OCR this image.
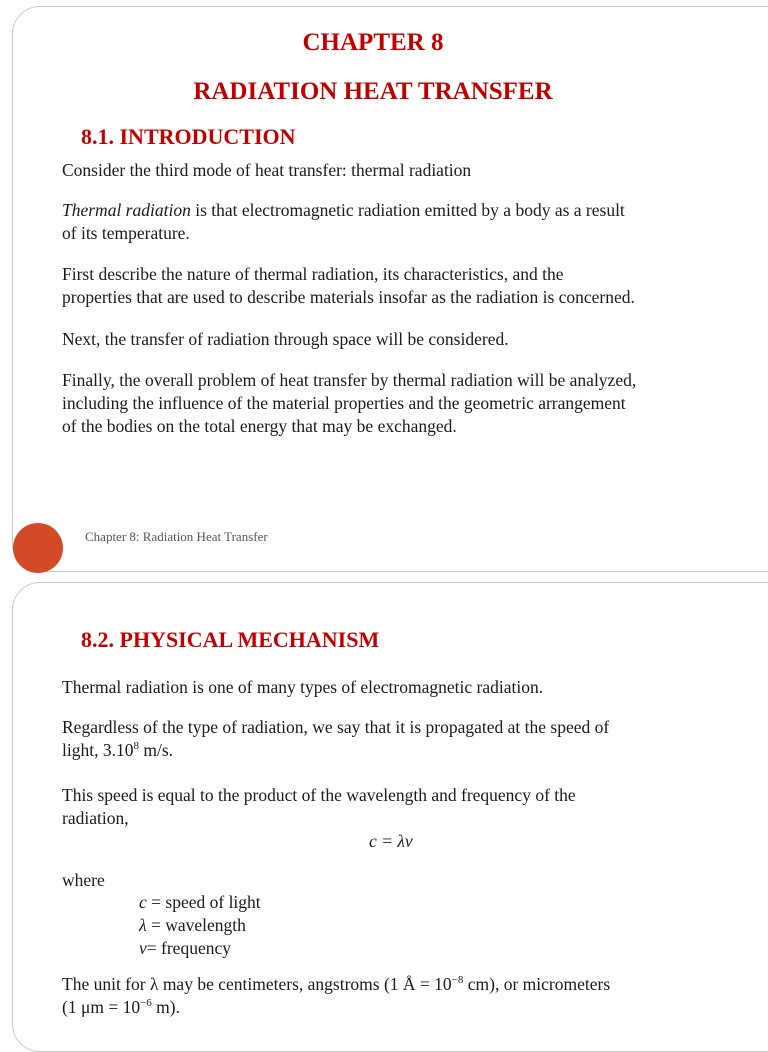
CHAPTER 8
RADIATION HEAT TRANSFER
8.1. INTRODUCTION

Consider the third mode of heat transfer: thermal radiation

Thermal radiation is that electromagnetic radiation emitted by a body as a result
of its temperature.

First describe the nature of thermal radiation, its characteristics, and the
properties that are used to describe materials insofar as the radiation is concerned.

Next, the transfer of radiation through space will be considered.

Finally, the overall problem of heat transfer by thermal radiation will be analyzed,
including the influence of the material properties and the geometric arrangement
of the bodies on the total energy that may be exchanged.

Chapter 8: Radiation Heat Transfer
8.2. PHYSICAL MECHANISM

Thermal radiation is one of many types of electromagnetic radiation.

Regardless of the type of radiation, we say that it is propagated at the speed of
light, 3.10$^8$ m/s.

This speed is equal to the product of the wavelength and frequency of the
radiation,

c = λν

where

c = speed of light
λ = wavelength
ν= frequency

The unit for λ may be centimeters, angstroms (1 Å = $10^{-8}$ cm), or micrometers
(1 $\mu m = 10^{-6}$ m).
